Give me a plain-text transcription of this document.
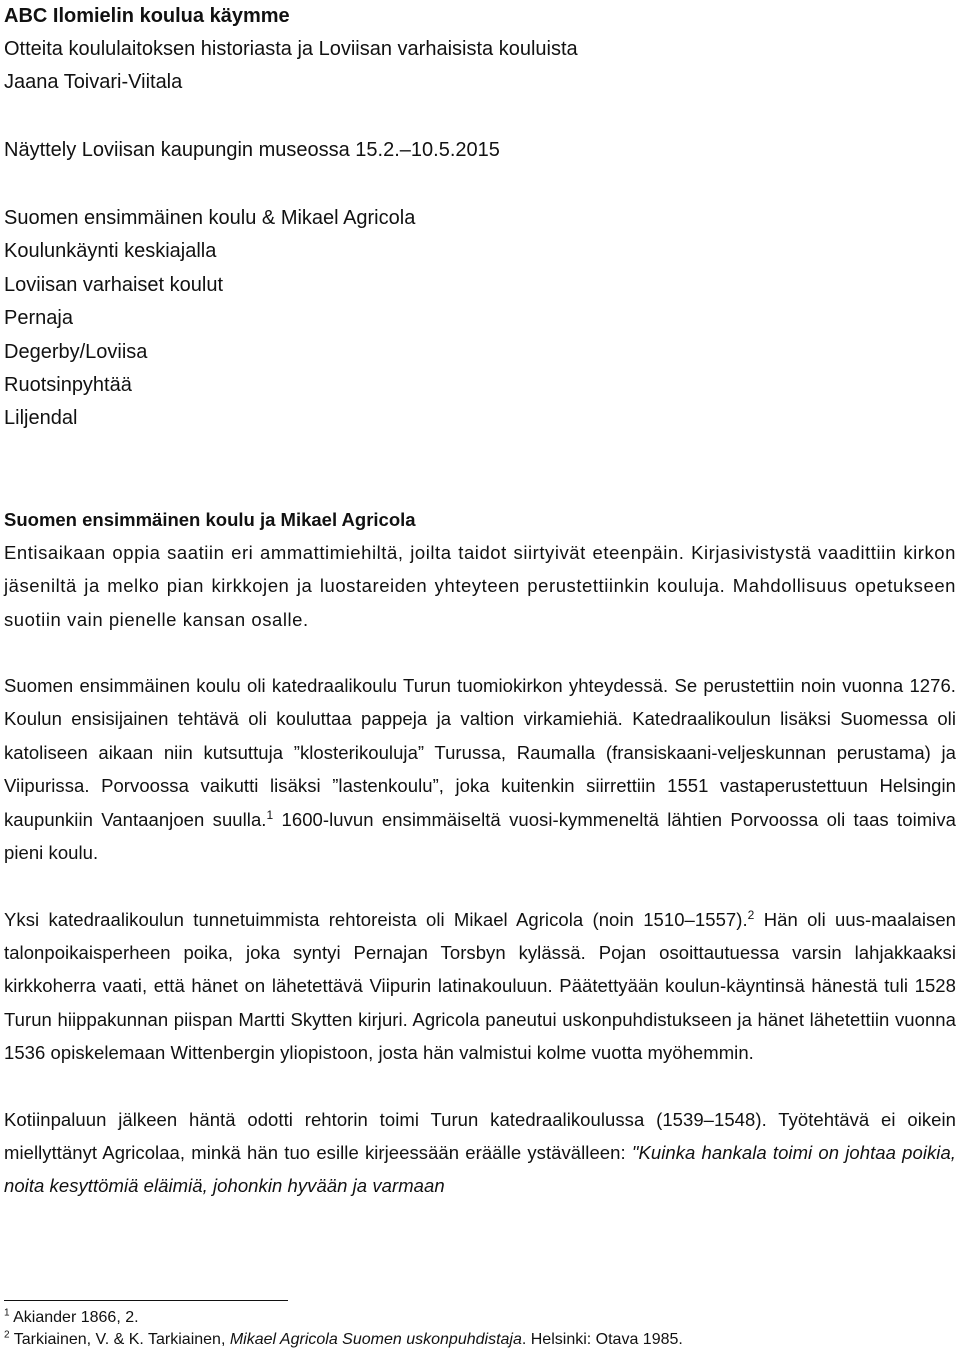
ABC Ilomielin koulua käymme
Otteita koululaitoksen historiasta ja Loviisan varhaisista kouluista
Jaana Toivari-Viitala
Näyttely Loviisan kaupungin museossa 15.2.–10.5.2015
Suomen ensimmäinen koulu & Mikael Agricola
Koulunkäynti keskiajalla
Loviisan varhaiset koulut
Pernaja
Degerby/Loviisa
Ruotsinpyhtää
Liljendal
Suomen ensimmäinen koulu ja Mikael Agricola

Entisaikaan oppia saatiin eri ammattimiehiltä, joilta taidot siirtyivät eteenpäin. Kirjasivistystä vaadittiin kirkon jäseniltä ja melko pian kirkkojen ja luostareiden yhteyteen perustettiinkin kouluja. Mahdollisuus opetukseen suotiin vain pienelle kansan osalle.

Suomen ensimmäinen koulu oli katedraalikoulu Turun tuomiokirkon yhteydessä. Se perustettiin noin vuonna 1276. Koulun ensisijainen tehtävä oli kouluttaa pappeja ja valtion virkamiehiä. Katedraalikoulun lisäksi Suomessa oli katoliseen aikaan niin kutsuttuja ”klosterikouluja” Turussa, Raumalla (fransiskaani-veljeskunnan perustama) ja Viipurissa. Porvoossa vaikutti lisäksi ”lastenkoulu”, joka kuitenkin siirrettiin 1551 vastaperustettuun Helsingin kaupunkiin Vantaanjoen suulla.$^1$ 1600-luvun ensimmäiseltä vuosi-kymmeneltä lähtien Porvoossa oli taas toimiva pieni koulu.

Yksi katedraalikoulun tunnetuimmista rehtoreista oli Mikael Agricola (noin 1510–1557).$^2$ Hän oli uus-maalaisen talonpoikaisperheen poika, joka syntyi Pernajan Torsbyn kylässä. Pojan osoittautuessa varsin lahjakkaaksi kirkkoherra vaati, että hänet on lähetettävä Viipurin latinakouluun. Päätettyään koulun-käyntinsä hänestä tuli 1528 Turun hiippakunnan piispan Martti Skytten kirjuri. Agricola paneutui uskonpuhdistukseen ja hänet lähetettiin vuonna 1536 opiskelemaan Wittenbergin yliopistoon, josta hän valmistui kolme vuotta myöhemmin.

Kotiinpaluun jälkeen häntä odotti rehtorin toimi Turun katedraalikoulussa (1539–1548). Työtehtävä ei oikein miellyttänyt Agricolaa, minkä hän tuo esille kirjeessään eräälle ystävälleen: "Kuinka hankala toimi on johtaa poikia, noita kesyttömiä eläimiä, johonkin hyvään ja varmaan

$^1$ Akiander 1866, 2.
$^2$ Tarkiainen, V. & K. Tarkiainen, Mikael Agricola Suomen uskonpuhdistaja. Helsinki: Otava 1985.
